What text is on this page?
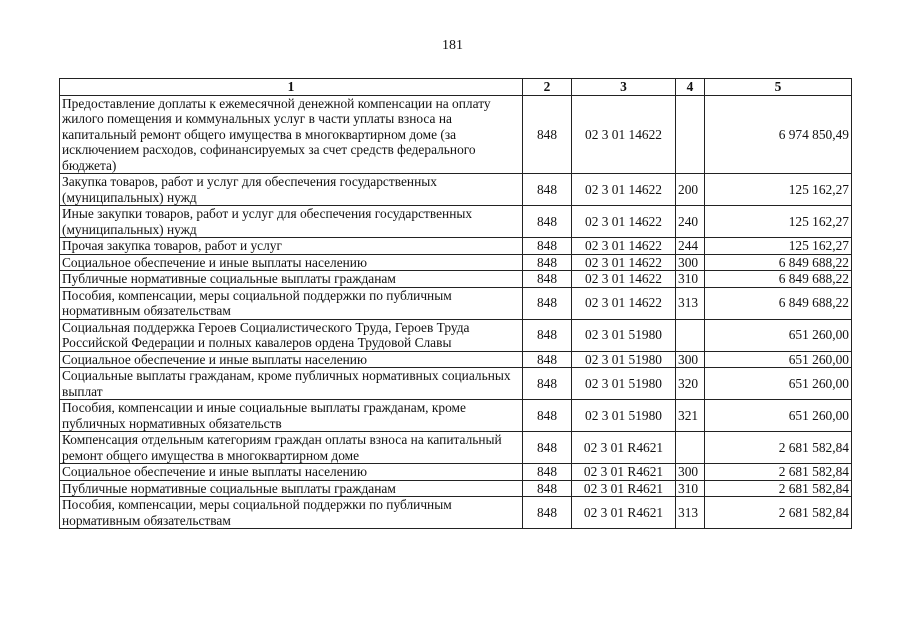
181
1	2	3	4	5
Предоставление доплаты к ежемесячной денежной компенсации на оплату жилого помещения и коммунальных услуг в части уплаты взноса на капитальный ремонт общего имущества в многоквартирном доме (за исключением расходов, софинансируемых за счет средств федерального бюджета)	848	02 3 01 14622		6 974 850,49
Закупка товаров, работ и услуг для обеспечения государственных (муниципальных) нужд	848	02 3 01 14622	200	125 162,27
Иные закупки товаров, работ и услуг для обеспечения государственных (муниципальных) нужд	848	02 3 01 14622	240	125 162,27
Прочая закупка товаров, работ и услуг	848	02 3 01 14622	244	125 162,27
Социальное обеспечение и иные выплаты населению	848	02 3 01 14622	300	6 849 688,22
Публичные нормативные социальные выплаты гражданам	848	02 3 01 14622	310	6 849 688,22
Пособия, компенсации, меры социальной поддержки по публичным нормативным обязательствам	848	02 3 01 14622	313	6 849 688,22
Социальная поддержка Героев Социалистического Труда, Героев Труда Российской Федерации и полных кавалеров ордена Трудовой Славы	848	02 3 01 51980		651 260,00
Социальное обеспечение и иные выплаты населению	848	02 3 01 51980	300	651 260,00
Социальные выплаты гражданам, кроме публичных нормативных социальных выплат	848	02 3 01 51980	320	651 260,00
Пособия, компенсации и иные социальные выплаты гражданам, кроме публичных нормативных обязательств	848	02 3 01 51980	321	651 260,00
Компенсация отдельным категориям граждан оплаты взноса на капитальный ремонт общего имущества в многоквартирном доме	848	02 3 01 R4621		2 681 582,84
Социальное обеспечение и иные выплаты населению	848	02 3 01 R4621	300	2 681 582,84
Публичные нормативные социальные выплаты гражданам	848	02 3 01 R4621	310	2 681 582,84
Пособия, компенсации, меры социальной поддержки по публичным нормативным обязательствам	848	02 3 01 R4621	313	2 681 582,84
